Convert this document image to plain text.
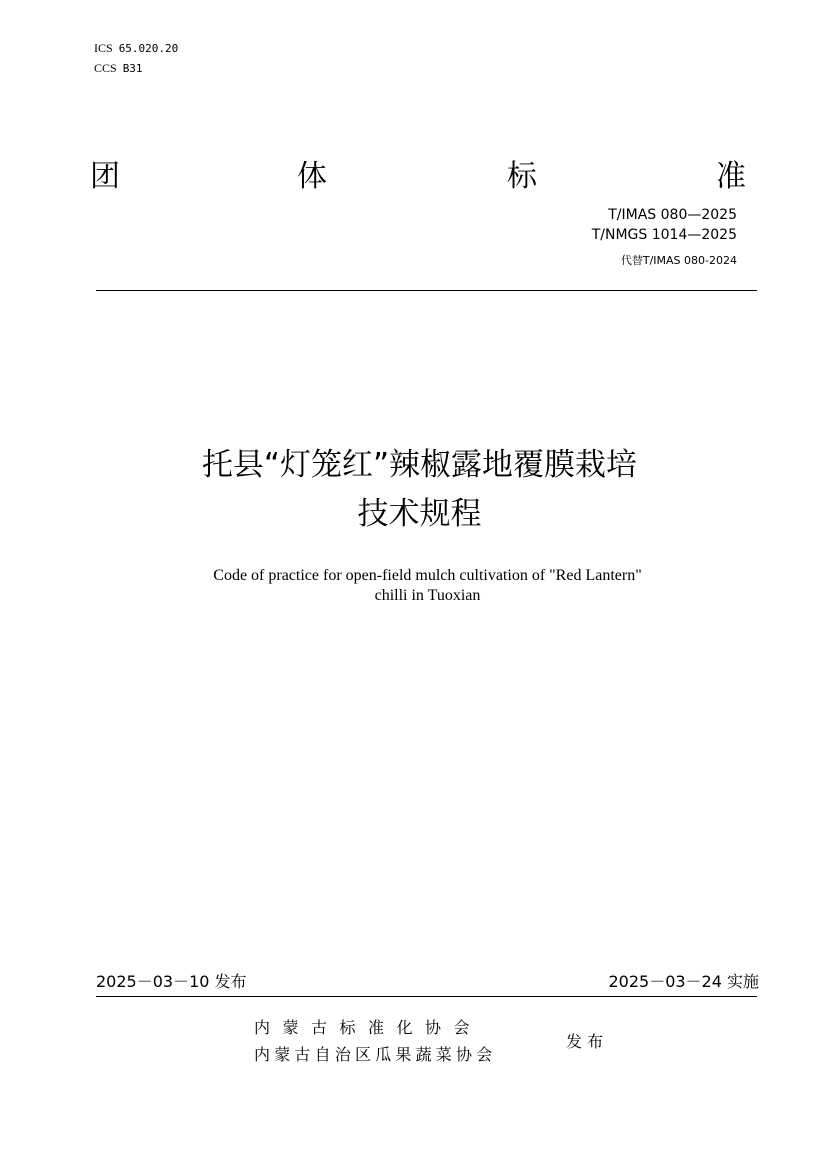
ICS 65.020.20
CCS B31
团	体	标	准
T/IMAS 080—2025
T/NMGS 1014—2025
代替T/IMAS 080-2024
托县“灯笼红”辣椒露地覆膜栽培
技术规程
Code of practice for open-field mulch cultivation of "Red Lantern"
chilli in Tuoxian
2025－03－10 发布	2025－03－24 实施
内蒙古标准化协会
内蒙古自治区瓜果蔬菜协会
发 布
